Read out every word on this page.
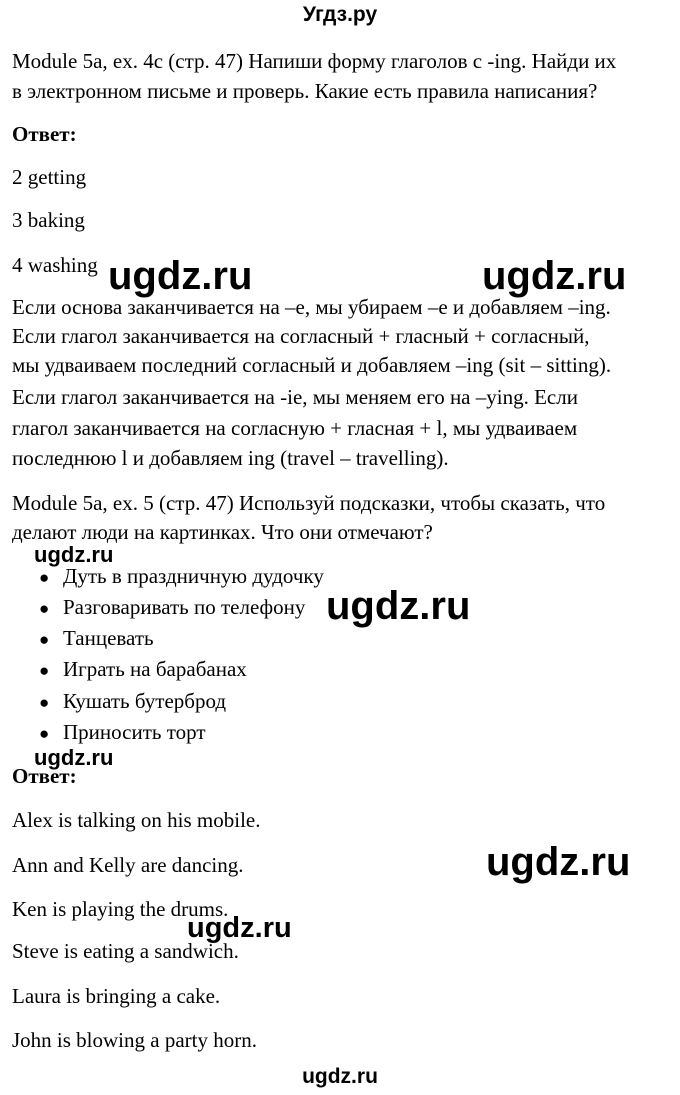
Угдз.ру
Module 5a, ex. 4c (стр. 47) Напиши форму глаголов с -ing. Найди их
в электронном письме и проверь. Какие есть правила написания?
Ответ:
2 getting
3 baking
4 washing
Если основа заканчивается на –е, мы убираем –е и добавляем –ing.
Если глагол заканчивается на согласный + гласный + согласный,
мы удваиваем последний согласный и добавляем –ing (sit – sitting).
Если глагол заканчивается на -ie, мы меняем его на –ying. Если
глагол заканчивается на согласную + гласная + l, мы удваиваем
последнюю l и добавляем ing (travel – travelling).
Module 5a, ex. 5 (стр. 47) Используй подсказки, чтобы сказать, что
делают люди на картинках. Что они отмечают?
● Дуть в праздничную дудочку
● Разговаривать по телефону
● Танцевать
● Играть на барабанах
● Кушать бутерброд
● Приносить торт
Ответ:
Alex is talking on his mobile.
Ann and Kelly are dancing.
Ken is playing the drums.
Steve is eating a sandwich.
Laura is bringing a cake.
John is blowing a party horn.
ugdz.ru	ugdz.ru
ugdz.ru
ugdz.ru
ugdz.ru
ugdz.ru
ugdz.ru
ugdz.ru
